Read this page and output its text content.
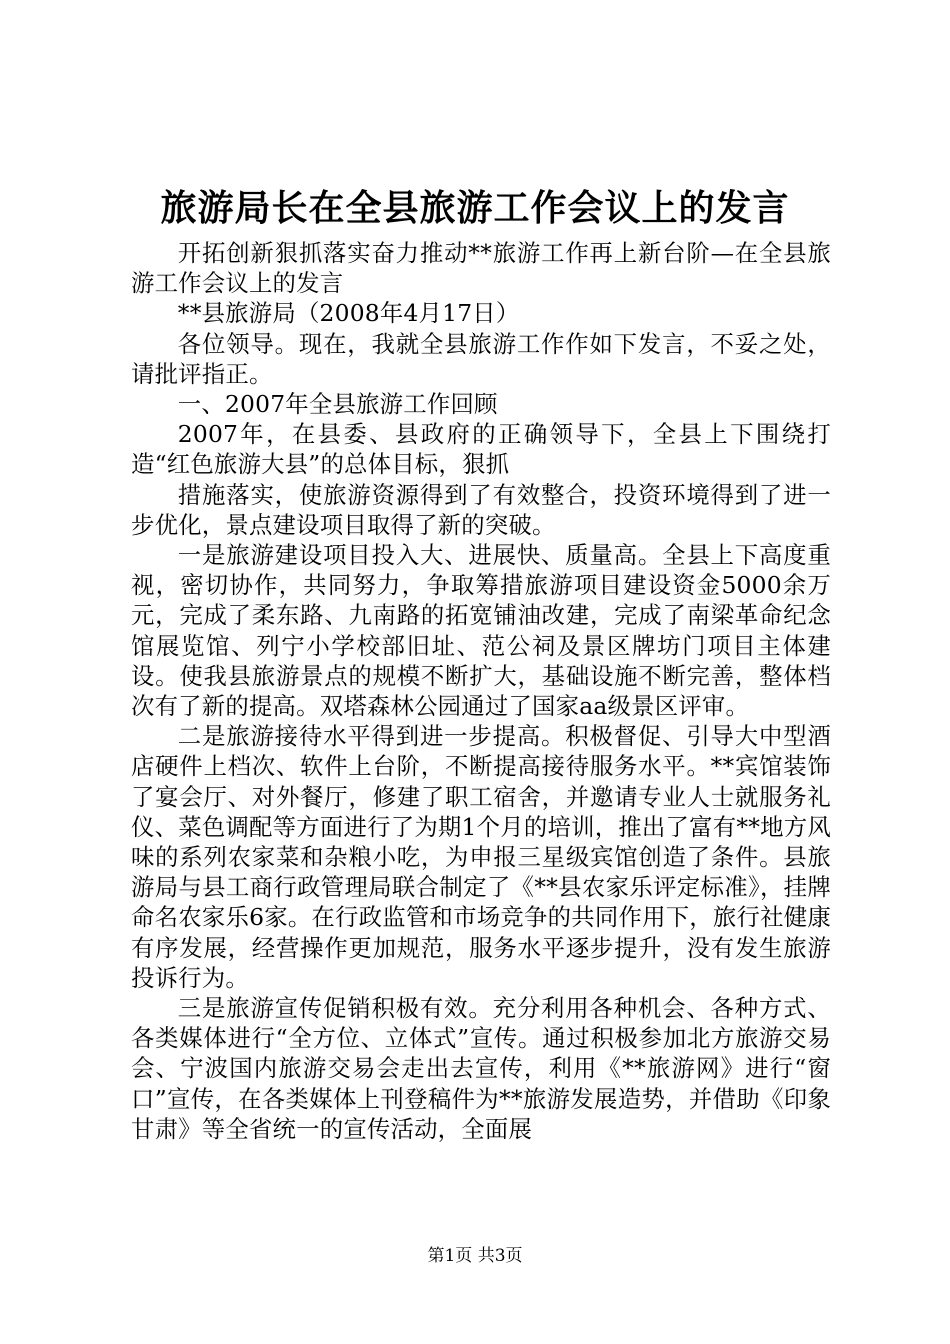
旅游局长在全县旅游工作会议上的发言

开拓创新狠抓落实奋力推动**旅游工作再上新台阶—在全县旅游工作会议上的发言

**县旅游局（2008年4月17日）

各位领导。现在，我就全县旅游工作作如下发言，不妥之处，请批评指正。

一、2007年全县旅游工作回顾

2007年，在县委、县政府的正确领导下，全县上下围绕打造“红色旅游大县”的总体目标，狠抓

措施落实，使旅游资源得到了有效整合，投资环境得到了进一步优化，景点建设项目取得了新的突破。

一是旅游建设项目投入大、进展快、质量高。全县上下高度重视，密切协作，共同努力，争取筹措旅游项目建设资金5000余万元，完成了柔东路、九南路的拓宽铺油改建，完成了南梁革命纪念馆展览馆、列宁小学校部旧址、范公祠及景区牌坊门项目主体建设。使我县旅游景点的规模不断扩大，基础设施不断完善，整体档次有了新的提高。双塔森林公园通过了国家aa级景区评审。

二是旅游接待水平得到进一步提高。积极督促、引导大中型酒店硬件上档次、软件上台阶，不断提高接待服务水平。**宾馆装饰了宴会厅、对外餐厅，修建了职工宿舍，并邀请专业人士就服务礼仪、菜色调配等方面进行了为期1个月的培训，推出了富有**地方风味的系列农家菜和杂粮小吃，为申报三星级宾馆创造了条件。县旅游局与县工商行政管理局联合制定了《**县农家乐评定标准》，挂牌命名农家乐6家。在行政监管和市场竞争的共同作用下，旅行社健康有序发展，经营操作更加规范，服务水平逐步提升，没有发生旅游投诉行为。

三是旅游宣传促销积极有效。充分利用各种机会、各种方式、各类媒体进行“全方位、立体式”宣传。通过积极参加北方旅游交易会、宁波国内旅游交易会走出去宣传，利用《**旅游网》进行“窗口”宣传，在各类媒体上刊登稿件为**旅游发展造势，并借助《印象甘肃》等全省统一的宣传活动，全面展

第1页 共3页
